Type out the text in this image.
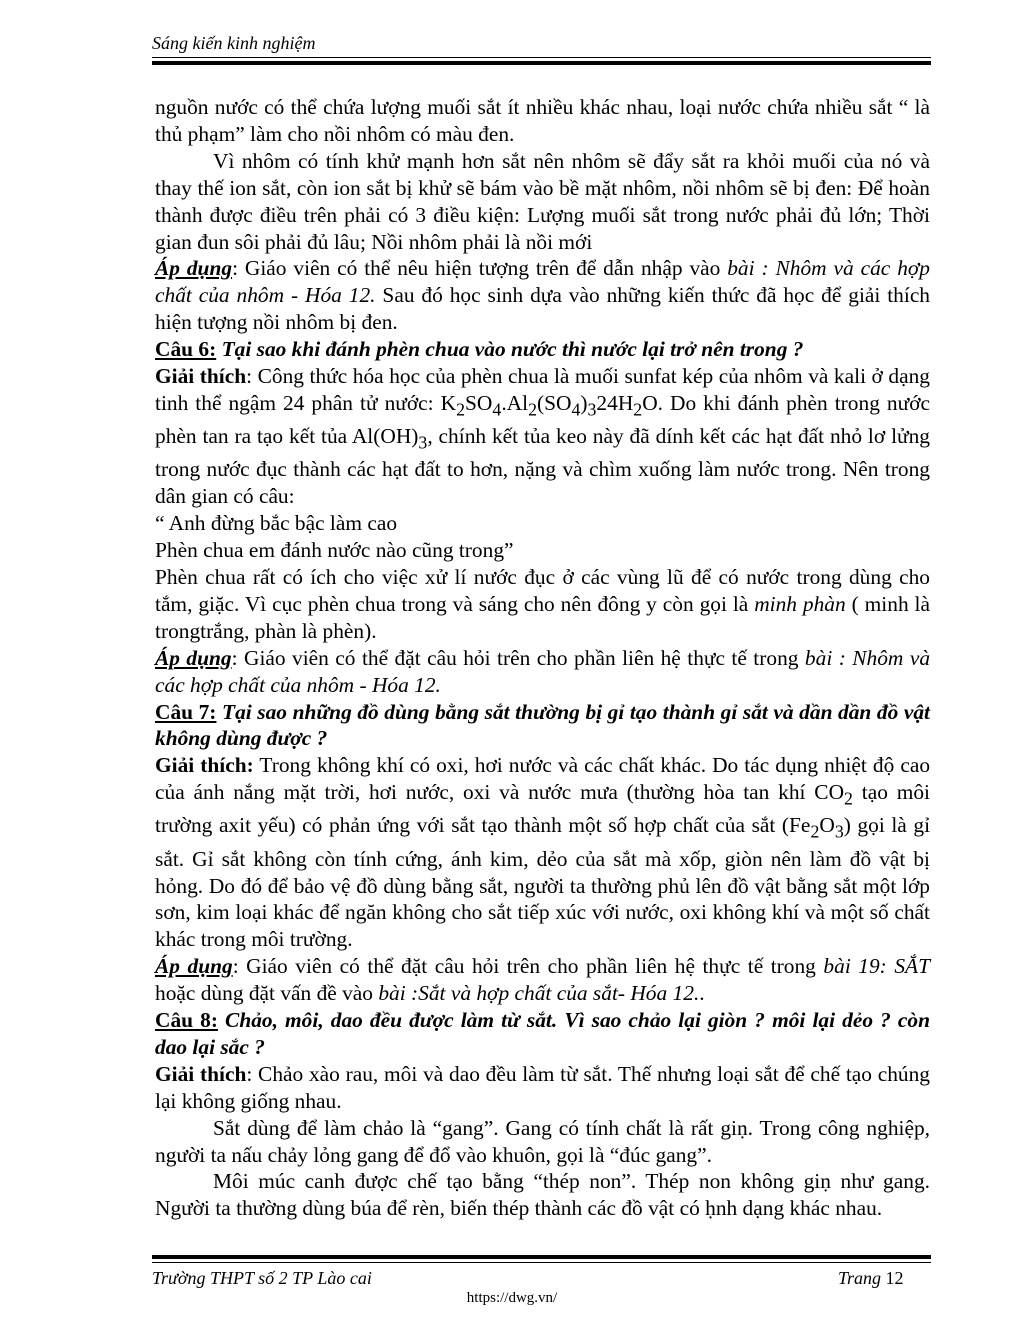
Sáng kiến kinh nghiệm

nguồn nước có thể chứa lượng muối sắt ít nhiều khác nhau, loại nước chứa nhiều sắt “ là thủ phạm” làm cho nồi nhôm có màu đen.

Vì nhôm có tính khử mạnh hơn sắt nên nhôm sẽ đẩy sắt ra khỏi muối của nó và thay thế ion sắt, còn ion sắt bị khử sẽ bám vào bề mặt nhôm, nồi nhôm sẽ bị đen: Để hoàn thành được điều trên phải có 3 điều kiện: Lượng muối sắt trong nước phải đủ lớn; Thời gian đun sôi phải đủ lâu; Nồi nhôm phải là nồi mới

Áp dụng: Giáo viên có thể nêu hiện tượng trên để dẫn nhập vào bài : Nhôm và các hợp chất của nhôm - Hóa 12. Sau đó học sinh dựa vào những kiến thức đã học để giải thích hiện tượng nồi nhôm bị đen.

Câu 6: Tại sao khi đánh phèn chua vào nước thì nước lại trở nên trong ?

Giải thích: Công thức hóa học của phèn chua là muối sunfat kép của nhôm và kali ở dạng tinh thể ngậm 24 phân tử nước: $K_2SO_4.Al_2(SO_4)_324H_2O$. Do khi đánh phèn trong nước phèn tan ra tạo kết tủa $Al(OH)_3$, chính kết tủa keo này đã dính kết các hạt đất nhỏ lơ lửng trong nước đục thành các hạt đất to hơn, nặng và chìm xuống làm nước trong. Nên trong dân gian có câu:

“ Anh đừng bắc bậc làm cao

Phèn chua em đánh nước nào cũng trong”

Phèn chua rất có ích cho việc xử lí nước đục ở các vùng lũ để có nước trong dùng cho tắm, giặc. Vì cục phèn chua trong và sáng cho nên đông y còn gọi là minh phàn ( minh là trongtrắng, phàn là phèn).

Áp dụng: Giáo viên có thể đặt câu hỏi trên cho phần liên hệ thực tế trong bài : Nhôm và các hợp chất của nhôm - Hóa 12.

Câu 7: Tại sao những đồ dùng bằng sắt thường bị gỉ tạo thành gỉ sắt và dần dần đồ vật không dùng được ?

Giải thích: Trong không khí có oxi, hơi nước và các chất khác. Do tác dụng nhiệt độ cao của ánh nắng mặt trời, hơi nước, oxi và nước mưa (thường hòa tan khí $CO_2$ tạo môi trường axit yếu) có phản ứng với sắt tạo thành một số hợp chất của sắt $(Fe_2O_3)$ gọi là gỉ sắt. Gỉ sắt không còn tính cứng, ánh kim, dẻo của sắt mà xốp, giòn nên làm đồ vật bị hỏng. Do đó để bảo vệ đồ dùng bằng sắt, người ta thường phủ lên đồ vật bằng sắt một lớp sơn, kim loại khác để ngăn không cho sắt tiếp xúc với nước, oxi không khí và một số chất khác trong môi trường.

Áp dụng: Giáo viên có thể đặt câu hỏi trên cho phần liên hệ thực tế trong bài 19: SẮT hoặc dùng đặt vấn đề vào bài :Sắt và hợp chất của sắt- Hóa 12..

Câu 8: Chảo, môi, dao đều được làm từ sắt. Vì sao chảo lại giòn ? môi lại dẻo ? còn dao lại sắc ?

Giải thích: Chảo xào rau, môi và dao đều làm từ sắt. Thế nhưng loại sắt để chế tạo chúng lại không giống nhau.

Sắt dùng để làm chảo là “gang”. Gang có tính chất là rất giṇ. Trong công nghiệp, người ta nấu chảy lỏng gang để đổ vào khuôn, gọi là “đúc gang”.

Môi múc canh được chế tạo bằng “thép non”. Thép non không giṇ như gang. Người ta thường dùng búa để rèn, biến thép thành các đồ vật có ḥnh dạng khác nhau.

Trường THPT số 2 TP Lào cai	Trang 12
https://dwg.vn/
